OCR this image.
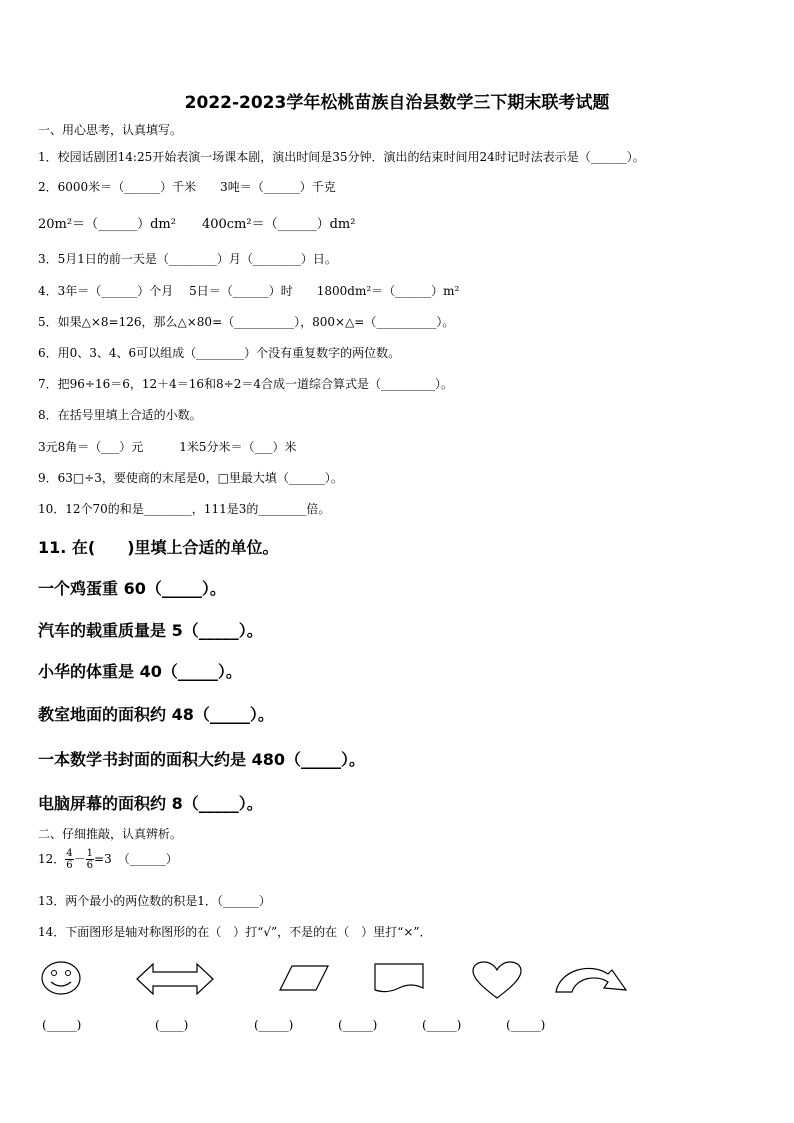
2022-2023学年松桃苗族自治县数学三下期末联考试题
一、用心思考，认真填写。
1．校园话剧团14:25开始表演一场课本剧，演出时间是35分钟．演出的结束时间用24时记时法表示是（______）。
2．6000米＝（______）千米　　3吨＝（______）千克
20m²＝（______）dm²　　400cm²＝（______）dm²
3．5月1日的前一天是（________）月（________）日。
4．3年＝（______）个月　 5日＝（______）时　　1800dm²＝（______）m²
5．如果△×8=126，那么△×80=（__________），800×△=（__________）。
6．用0、3、4、6可以组成（________）个没有重复数字的两位数。
7．把96÷16＝6，12＋4＝16和8÷2＝4合成一道综合算式是（_________）。
8．在括号里填上合适的小数。
3元8角＝（___）元　　　1米5分米＝（___）米
9．63□÷3，要使商的末尾是0，□里最大填（______）。
10．12个70的和是________，111是3的________倍。
11. 在(　　)里填上合适的单位。
一个鸡蛋重 60（_____）。
汽车的载重质量是 5（_____）。
小华的体重是 40（_____）。
教室地面的面积约 48（_____）。
一本数学书封面的面积大约是 480（_____）。
电脑屏幕的面积约 8（_____）。
二、仔细推敲，认真辨析。
12． $\frac{4}{6} - \frac{1}{6} =3$　（______）
13．两个最小的两位数的积是1．（______）
14．下面图形是轴对称图形的在（　）打“√”，不是的在（　）里打“×”．
(_____)	(____)	(_____)	(_____)	(_____)	(_____)
